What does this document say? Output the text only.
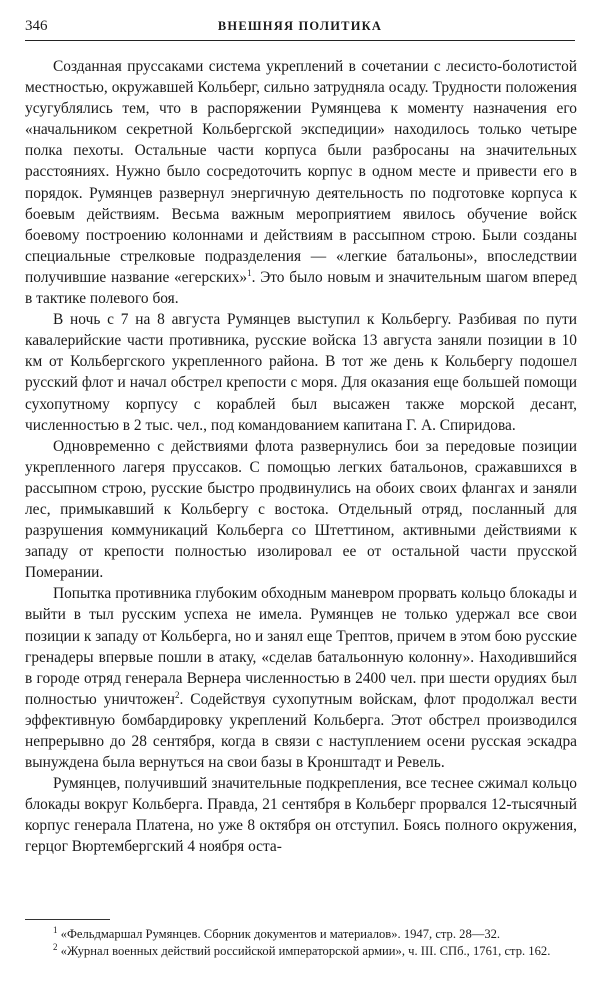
346	ВНЕШНЯЯ ПОЛИТИКА

Созданная пруссаками система укреплений в сочетании с лесисто-болотистой местностью, окружавшей Кольберг, сильно затрудняла осаду. Трудности положения усугублялись тем, что в распоряжении Румянцева к моменту назначения его «начальником секретной Кольбергской экспедиции» находилось только четыре полка пехоты. Остальные части корпуса были разбросаны на значительных расстояниях. Нужно было сосредоточить корпус в одном месте и привести его в порядок. Румянцев развернул энергичную деятельность по подготовке корпуса к боевым действиям. Весьма важным мероприятием явилось обучение войск боевому построению колоннами и действиям в рассыпном строю. Были созданы специальные стрелковые подразделения — «легкие батальоны», впоследствии получившие название «егерских»$^1$. Это было новым и значительным шагом вперед в тактике полевого боя.

В ночь с 7 на 8 августа Румянцев выступил к Кольбергу. Разбивая по пути кавалерийские части противника, русские войска 13 августа заняли позиции в 10 км от Кольбергского укрепленного района. В тот же день к Кольбергу подошел русский флот и начал обстрел крепости с моря. Для оказания еще большей помощи сухопутному корпусу с кораблей был высажен также морской десант, численностью в 2 тыс. чел., под командованием капитана Г. А. Спиридова.

Одновременно с действиями флота развернулись бои за передовые позиции укрепленного лагеря пруссаков. С помощью легких батальонов, сражавшихся в рассыпном строю, русские быстро продвинулись на обоих своих флангах и заняли лес, примыкавший к Кольбергу с востока. Отдельный отряд, посланный для разрушения коммуникаций Кольберга со Штеттином, активными действиями к западу от крепости полностью изолировал ее от остальной части прусской Померании.

Попытка противника глубоким обходным маневром прорвать кольцо блокады и выйти в тыл русским успеха не имела. Румянцев не только удержал все свои позиции к западу от Кольберга, но и занял еще Трептов, причем в этом бою русские гренадеры впервые пошли в атаку, «сделав батальонную колонну». Находившийся в городе отряд генерала Вернера численностью в 2400 чел. при шести орудиях был полностью уничтожен$^2$. Содействуя сухопутным войскам, флот продолжал вести эффективную бомбардировку укреплений Кольберга. Этот обстрел производился непрерывно до 28 сентября, когда в связи с наступлением осени русская эскадра вынуждена была вернуться на свои базы в Кронштадт и Ревель.

Румянцев, получивший значительные подкрепления, все теснее сжимал кольцо блокады вокруг Кольберга. Правда, 21 сентября в Кольберг прорвался 12-тысячный корпус генерала Платена, но уже 8 октября он отступил. Боясь полного окружения, герцог Вюртембергский 4 ноября оста-

$^1$ «Фельдмаршал Румянцев. Сборник документов и материалов». 1947, стр. 28—32.

$^2$ «Журнал военных действий российской императорской армии», ч. III. СПб., 1761, стр. 162.
